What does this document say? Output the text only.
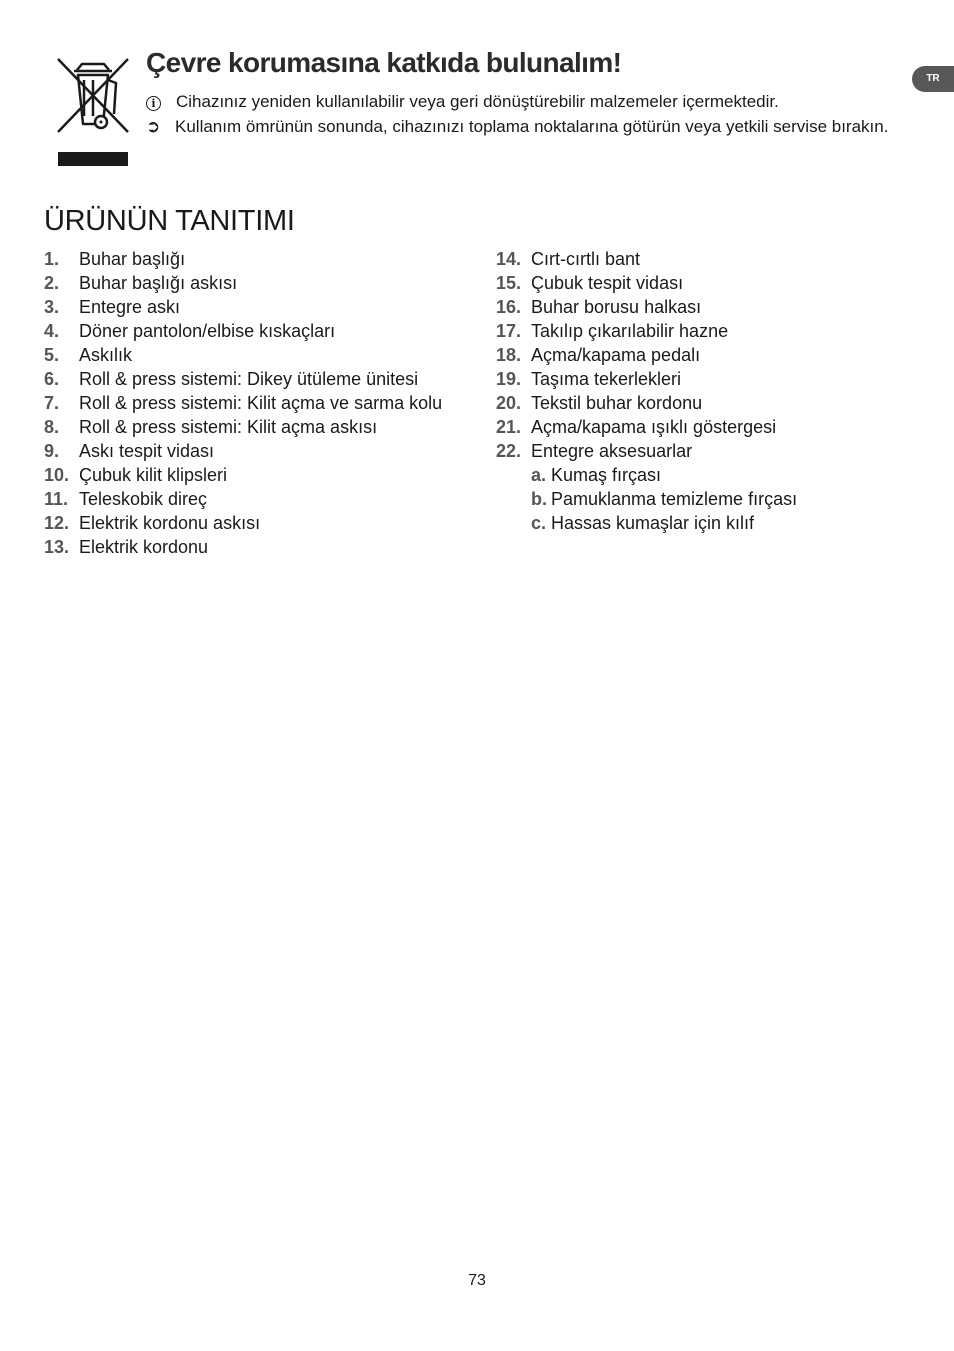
Çevre korumasına katkıda bulunalım!
TR
i	Cihazınız yeniden kullanılabilir veya geri dönüştürebilir malzemeler içermektedir.
➲ Kullanım ömrünün sonunda, cihazınızı toplama noktalarına götürün veya yetkili servise bırakın.
ÜRÜNÜN TANITIMI
1. Buhar başlığı
2. Buhar başlığı askısı
3. Entegre askı
4. Döner pantolon/elbise kıskaçları
5. Askılık
6. Roll & press sistemi: Dikey ütüleme ünitesi
7. Roll & press sistemi: Kilit açma ve sarma kolu
8. Roll & press sistemi: Kilit açma askısı
9. Askı tespit vidası
10. Çubuk kilit klipsleri
11. Teleskobik direç
12. Elektrik kordonu askısı
13. Elektrik kordonu
14. Cırt-cırtlı bant
15. Çubuk tespit vidası
16. Buhar borusu halkası
17. Takılıp çıkarılabilir hazne
18. Açma/kapama pedalı
19. Taşıma tekerlekleri
20. Tekstil buhar kordonu
21. Açma/kapama ışıklı göstergesi
22. Entegre aksesuarlar
a. Kumaş fırçası
b. Pamuklanma temizleme fırçası
c. Hassas kumaşlar için kılıf
73
